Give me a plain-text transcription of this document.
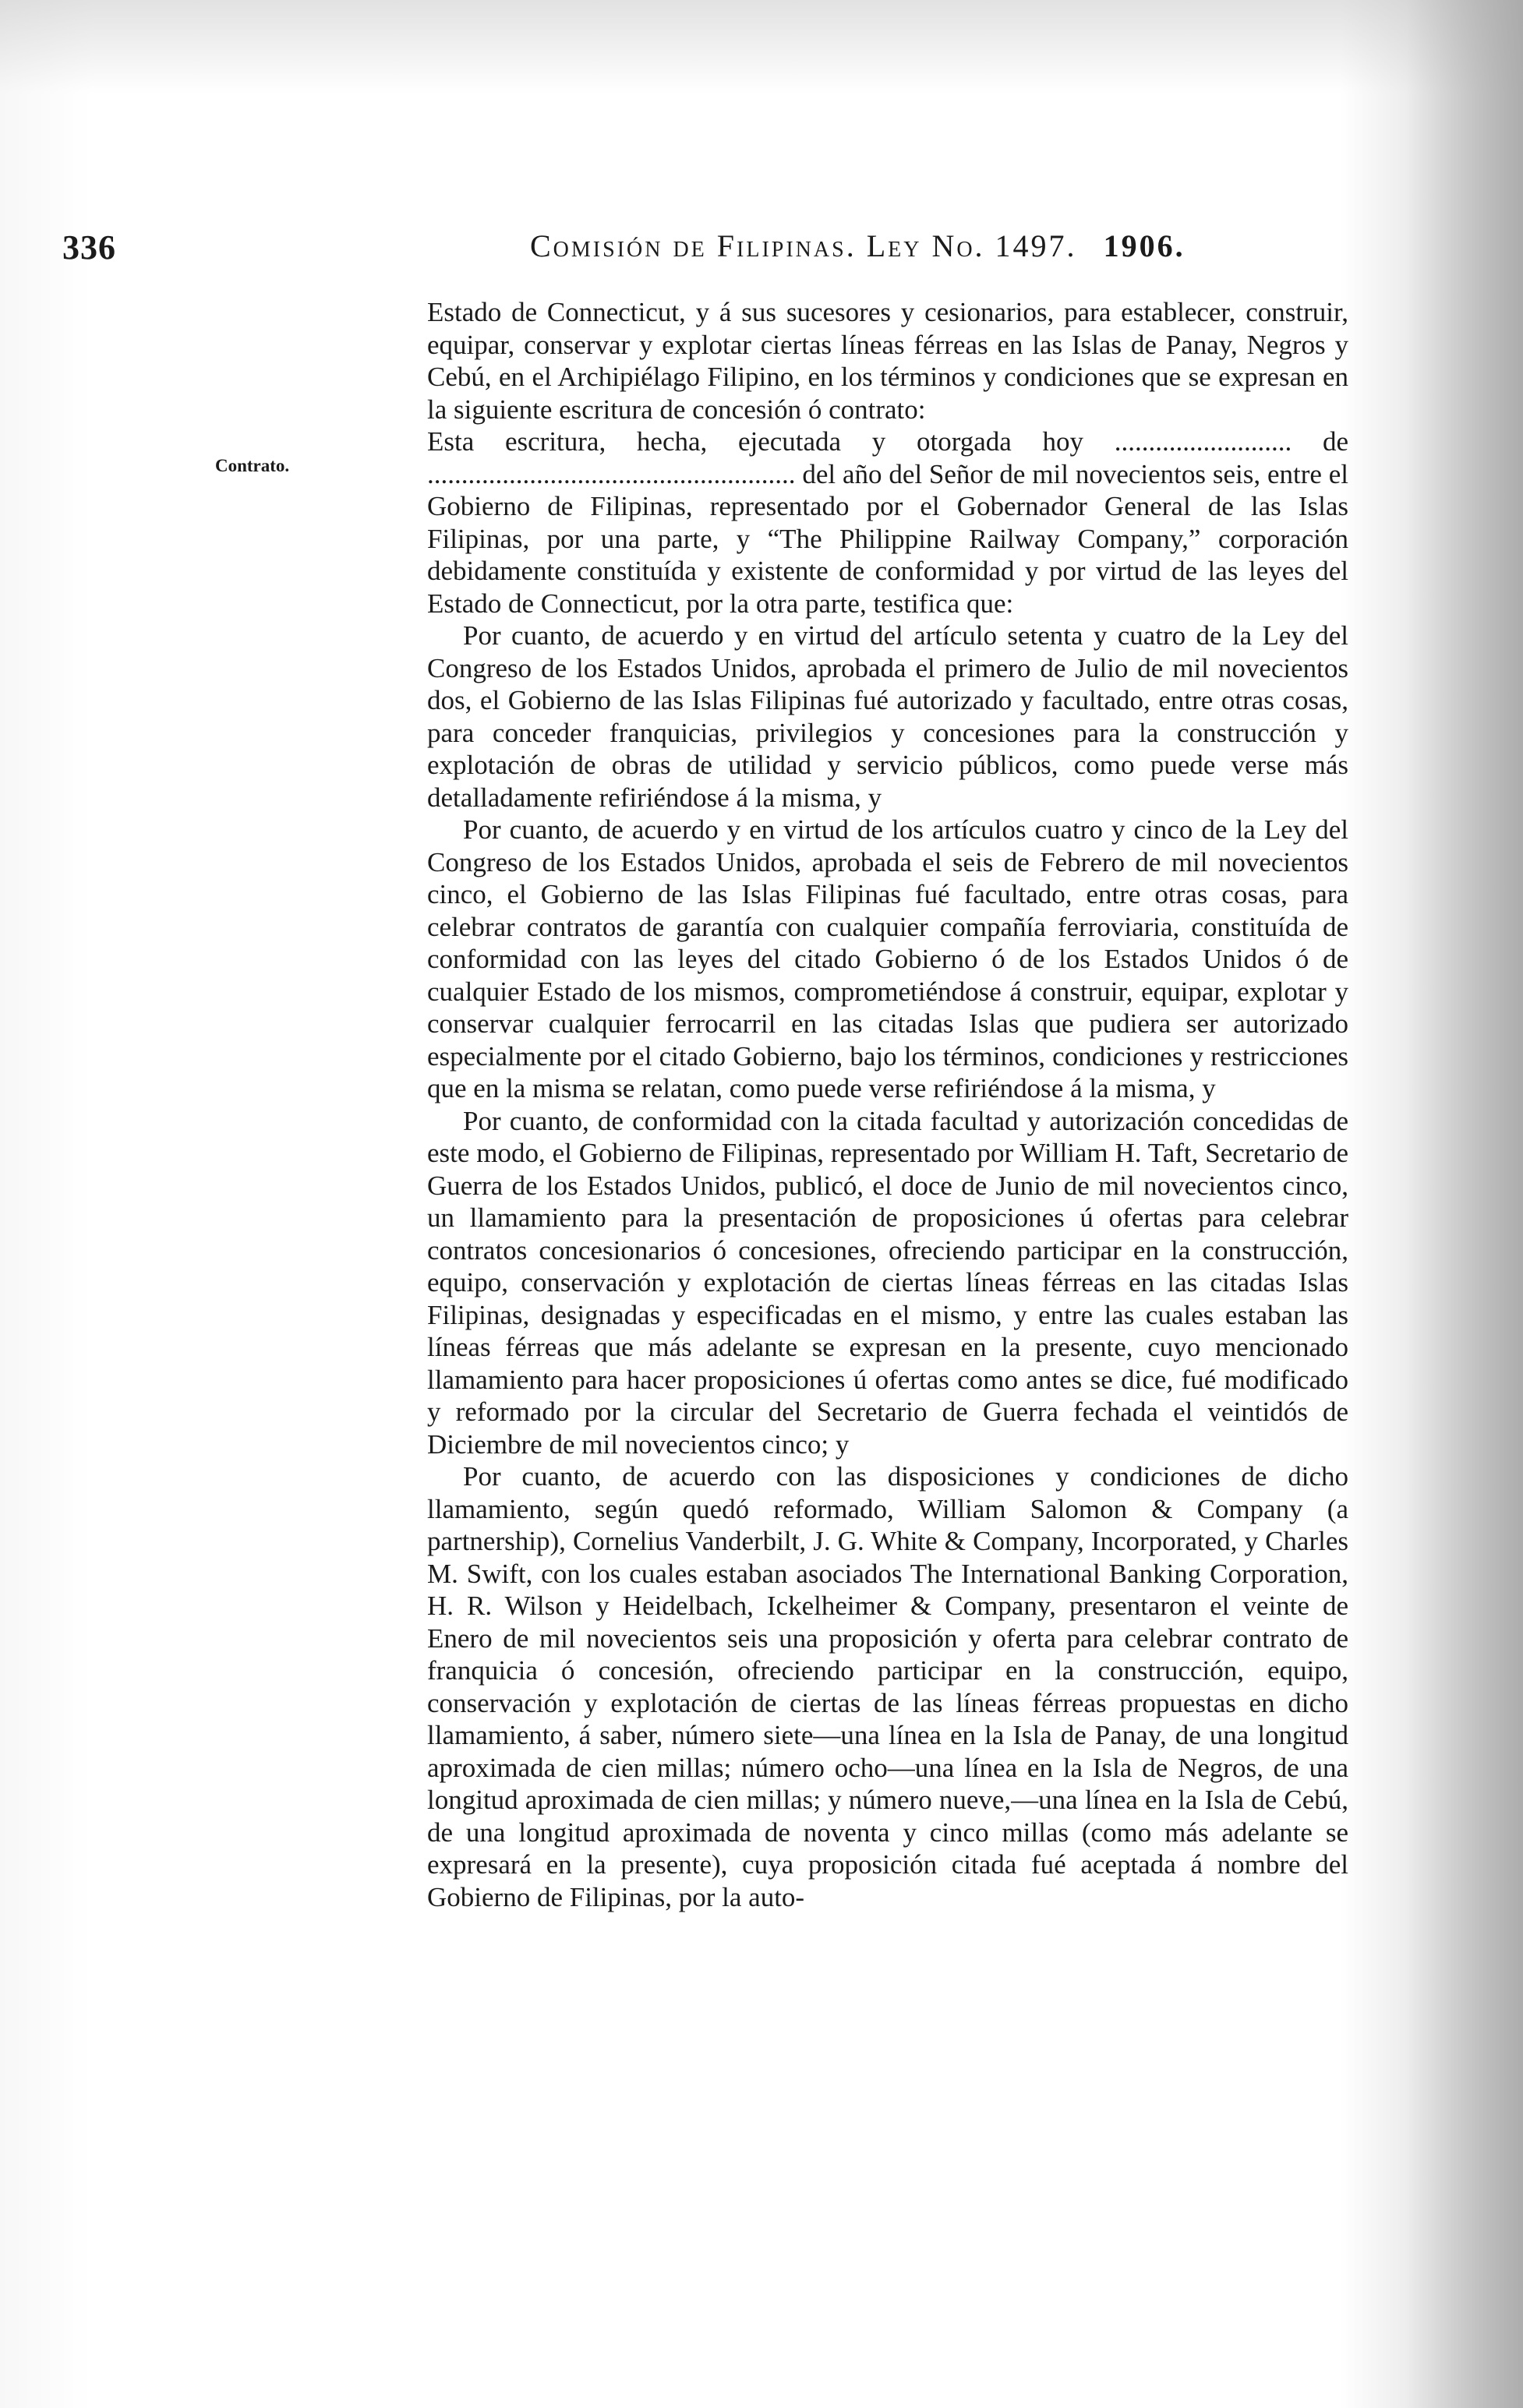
336	Comisión de Filipinas. Ley No. 1497. 1906.
Contrato.

Estado de Connecticut, y á sus sucesores y cesionarios, para establecer, construir, equipar, conservar y explotar ciertas líneas férreas en las Islas de Panay, Negros y Cebú, en el Archipiélago Filipino, en los términos y condiciones que se expresan en la siguiente escritura de concesión ó contrato:

Esta escritura, hecha, ejecutada y otorgada hoy .......................... de ...................................................... del año del Señor de mil novecientos seis, entre el Gobierno de Filipinas, representado por el Gobernador General de las Islas Filipinas, por una parte, y “The Philippine Railway Company,” corporación debidamente constituída y existente de conformidad y por virtud de las leyes del Estado de Connecticut, por la otra parte, testifica que:

Por cuanto, de acuerdo y en virtud del artículo setenta y cuatro de la Ley del Congreso de los Estados Unidos, aprobada el primero de Julio de mil novecientos dos, el Gobierno de las Islas Filipinas fué autorizado y facultado, entre otras cosas, para conceder franquicias, privilegios y concesiones para la construcción y explotación de obras de utilidad y servicio públicos, como puede verse más detalladamente refiriéndose á la misma, y

Por cuanto, de acuerdo y en virtud de los artículos cuatro y cinco de la Ley del Congreso de los Estados Unidos, aprobada el seis de Febrero de mil novecientos cinco, el Gobierno de las Islas Filipinas fué facultado, entre otras cosas, para celebrar contratos de garantía con cualquier compañía ferroviaria, constituída de conformidad con las leyes del citado Gobierno ó de los Estados Unidos ó de cualquier Estado de los mismos, comprometiéndose á construir, equipar, explotar y conservar cualquier ferrocarril en las citadas Islas que pudiera ser autorizado especialmente por el citado Gobierno, bajo los términos, condiciones y restricciones que en la misma se relatan, como puede verse refiriéndose á la misma, y

Por cuanto, de conformidad con la citada facultad y autorización concedidas de este modo, el Gobierno de Filipinas, representado por William H. Taft, Secretario de Guerra de los Estados Unidos, publicó, el doce de Junio de mil novecientos cinco, un llamamiento para la presentación de proposiciones ú ofertas para celebrar contratos concesionarios ó concesiones, ofreciendo participar en la construcción, equipo, conservación y explotación de ciertas líneas férreas en las citadas Islas Filipinas, designadas y especificadas en el mismo, y entre las cuales estaban las líneas férreas que más adelante se expresan en la presente, cuyo mencionado llamamiento para hacer proposiciones ú ofertas como antes se dice, fué modificado y reformado por la circular del Secretario de Guerra fechada el veintidós de Diciembre de mil novecientos cinco; y

Por cuanto, de acuerdo con las disposiciones y condiciones de dicho llamamiento, según quedó reformado, William Salomon & Company (a partnership), Cornelius Vanderbilt, J. G. White & Company, Incorporated, y Charles M. Swift, con los cuales estaban asociados The International Banking Corporation, H. R. Wilson y Heidelbach, Ickelheimer & Company, presentaron el veinte de Enero de mil novecientos seis una proposición y oferta para celebrar contrato de franquicia ó concesión, ofreciendo participar en la construcción, equipo, conservación y explotación de ciertas de las líneas férreas propuestas en dicho llamamiento, á saber, número siete—una línea en la Isla de Panay, de una longitud aproximada de cien millas; número ocho—una línea en la Isla de Negros, de una longitud aproximada de cien millas; y número nueve,—una línea en la Isla de Cebú, de una longitud aproximada de noventa y cinco millas (como más adelante se expresará en la presente), cuya proposición citada fué aceptada á nombre del Gobierno de Filipinas, por la auto-
